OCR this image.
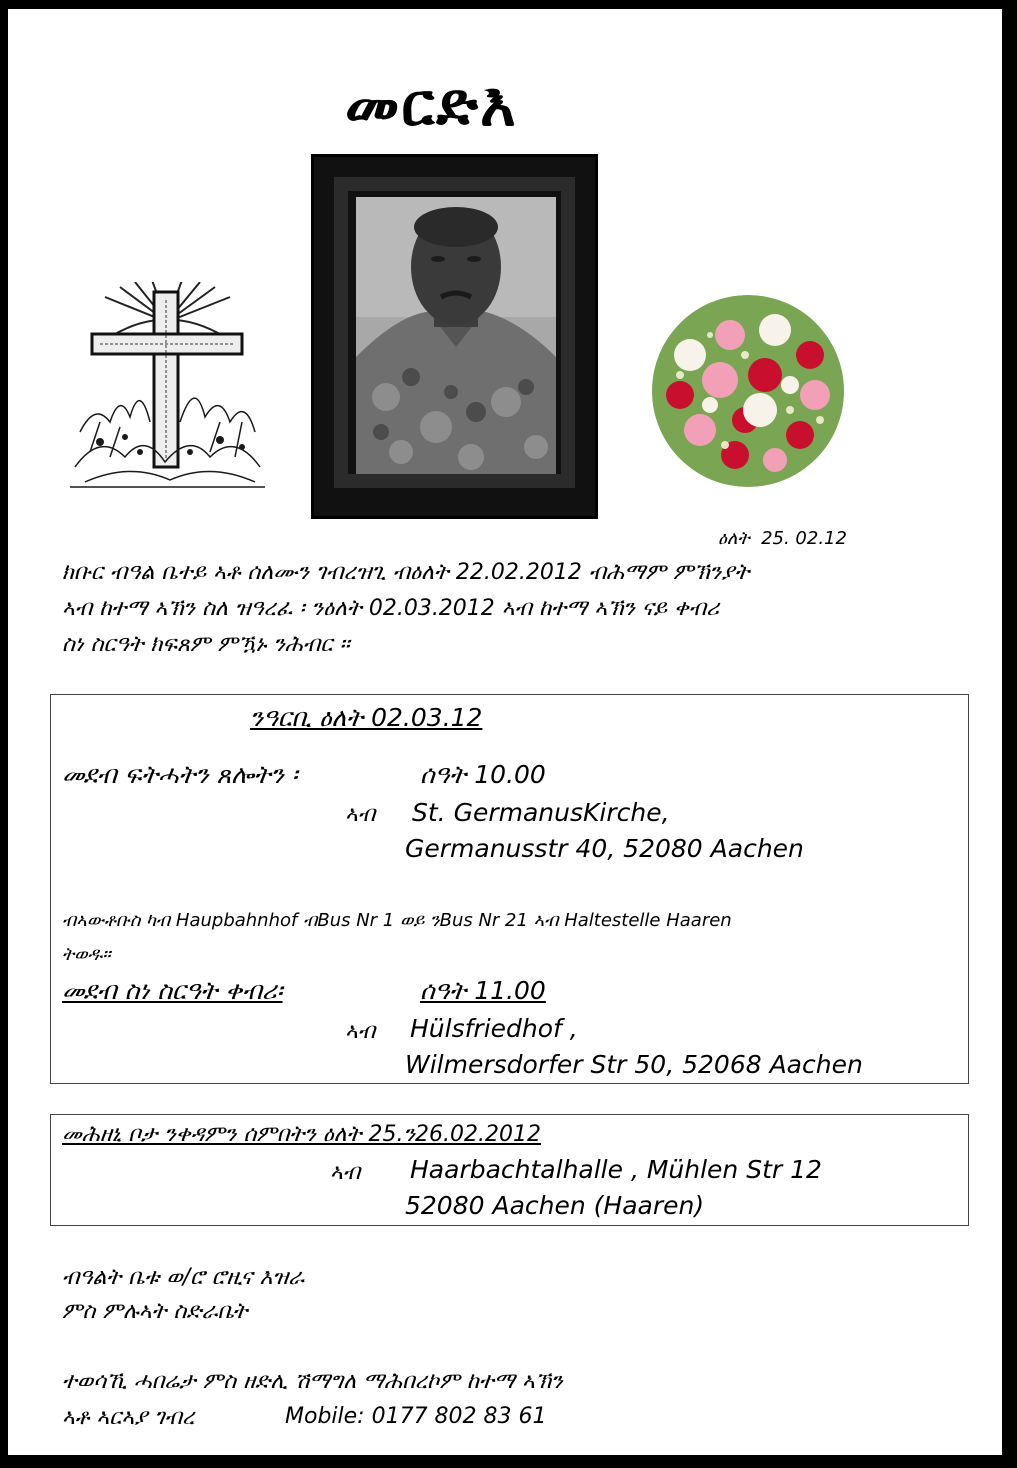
መርድእ
ዕለት 25. 02.12
ክቡር ብዓል ቤተይ ኣቶ ሰለሙን ገብረዝጊ ብዕለት 22.02.2012 ብሕማም ምኽንያት
ኣብ ከተማ ኣኽን ስለ ዝዓረፈ ፡ ንዕለት 02.03.2012 ኣብ ከተማ ኣኽን ናይ ቀብሪ
ስነ ስርዓት ክፍጸም ምዃኑ ንሕብር ።
ንዓርቢ ዕለት 02.03.12
መደብ ፍትሓትን ጸሎትን ፡	ሰዓት 10.00
ኣብ St. GermanusKirche,
Germanusstr 40, 52080 Aachen
ብኣውቶቡስ ካብ Haupbahnhof ብBus Nr 1 ወይ ንBus Nr 21 ኣብ Haltestelle Haaren
ትወዱ።
መደብ ስነ ስርዓት ቀብሪ፡	ሰዓት 11.00
ኣብ Hülsfriedhof ,
Wilmersdorfer Str 50, 52068 Aachen
መሕዘኒ ቦታ ንቀዳምን ሰምበትን ዕለት 25.ን26.02.2012
ኣብ Haarbachtalhalle , Mühlen Str 12
52080 Aachen (Haaren)
ብዓልት ቤቱ ወ/ሮ ሮዚና እዝራ
ምስ ምሉኣት ስድራቤት
ተወሳኺ ሓበሬታ ምስ ዘድሊ ሽማግለ ማሕበረኮም ከተማ ኣኽን
ኣቶ ኣርኣያ ገብረ	Mobile: 0177 802 83 61
